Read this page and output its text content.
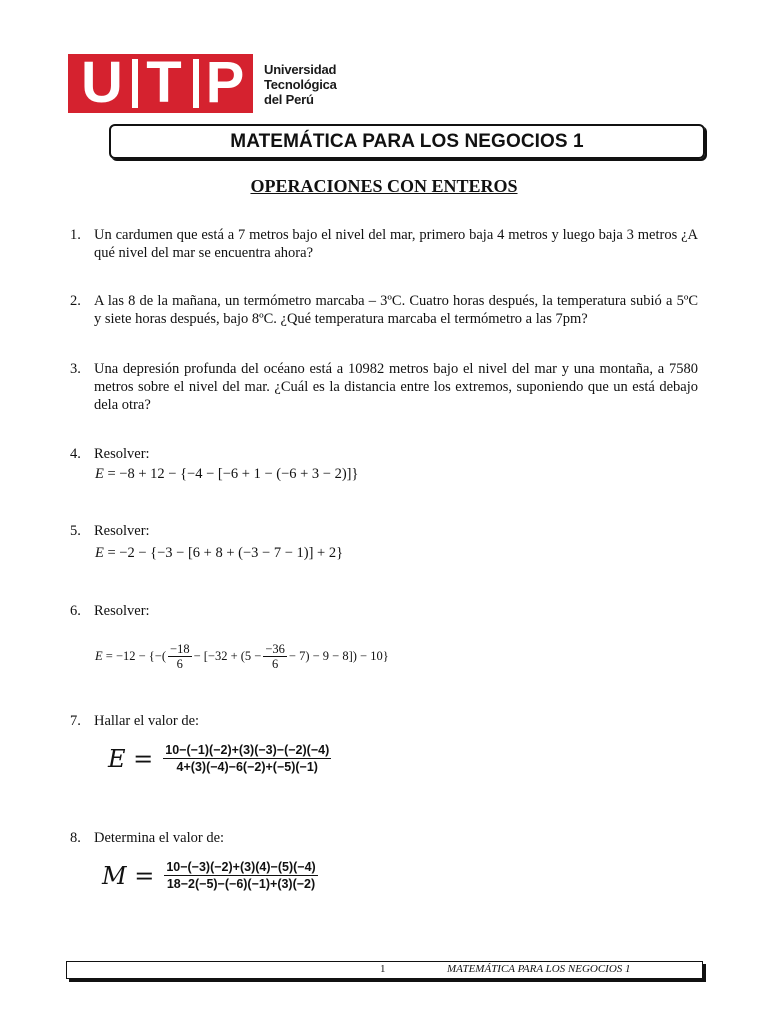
U T P	Universidad
Tecnológica
del Perú
MATEMÁTICA PARA LOS NEGOCIOS 1
OPERACIONES CON ENTEROS
1. Un cardumen que está a 7 metros bajo el nivel del mar, primero baja 4 metros y luego baja 3 metros ¿A qué nivel del mar se encuentra ahora?
2. A las 8 de la mañana, un termómetro marcaba – 3ºC. Cuatro horas después, la temperatura subió a 5ºC y siete horas después, bajo 8ºC. ¿Qué temperatura marcaba el termómetro a las 7pm?
3. Una depresión profunda del océano está a 10982 metros bajo el nivel del mar y una montaña, a 7580 metros sobre el nivel del mar. ¿Cuál es la distancia entre los extremos, suponiendo que un está debajo dela otra?
4. Resolver:
E
= −8 + 12 − {−4 − [−6 + 1 − (−6 + 3 − 2)]}
5. Resolver:
E
= −2 − {−3 − [6 + 8 + (−3 − 7 − 1)] + 2}
6. Resolver:
E
= −12 − {−( $\frac{-18}{6} - [-32 + (5 - \frac{-36}{6} - 7) - 9 - 8]) - 10$}
7. Hallar el valor de:
$E = \frac{10-(-1)(-2)+(3)(-3)-(-2)(-4)}{4+(3)(-4)-6(-2)+(-5)(-1)}$
8. Determina el valor de:
$M = \frac{10-(-3)(-2)+(3)(4)-(5)(-4)}{18-2(-5)-(-6)(-1)+(3)(-2)}$
1	MATEMÁTICA PARA LOS NEGOCIOS 1
